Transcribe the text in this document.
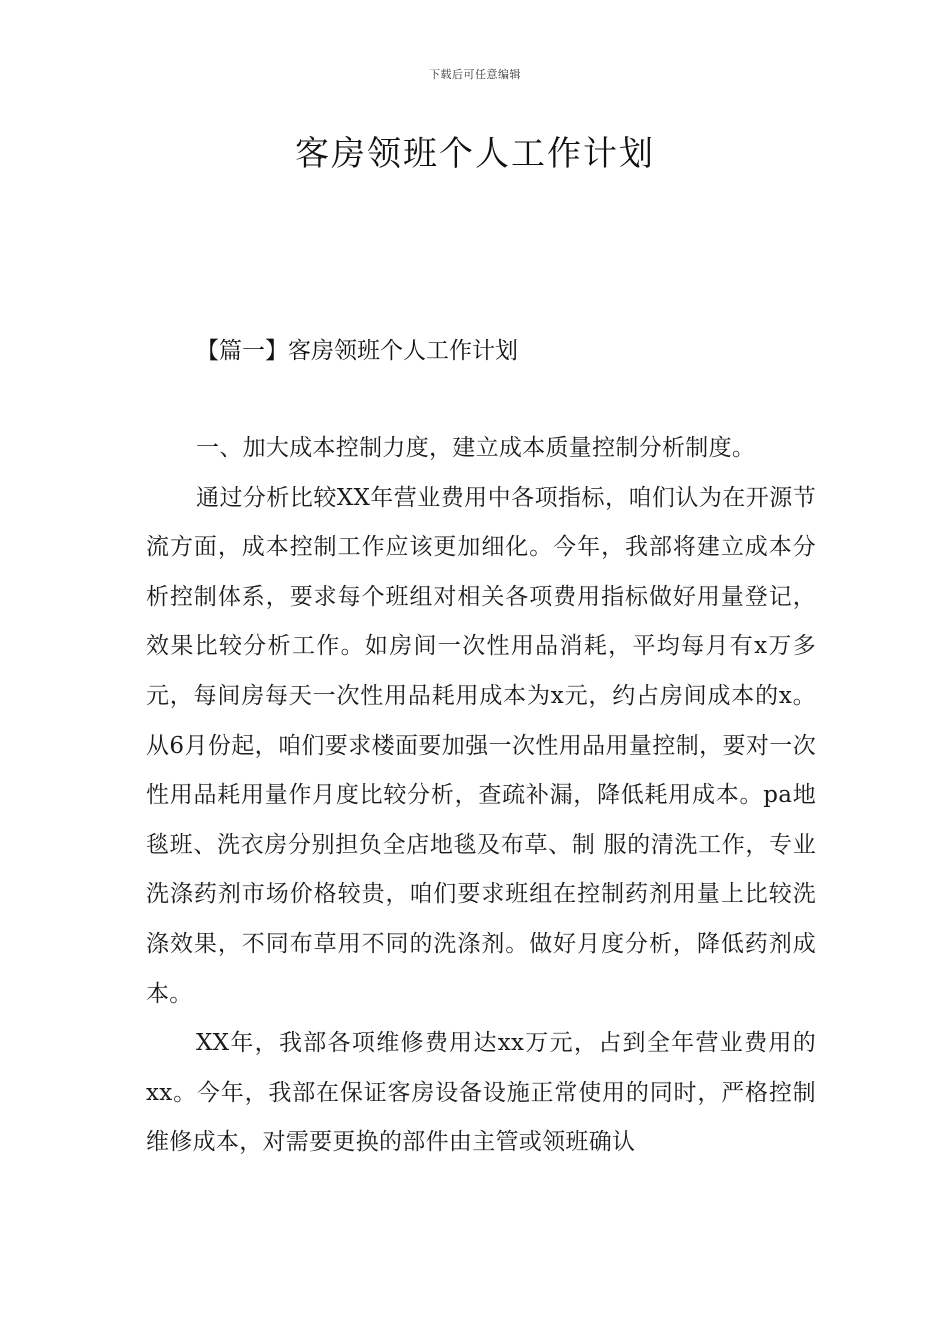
下载后可任意编辑
客房领班个人工作计划
【篇一】客房领班个人工作计划

一、加大成本控制力度，建立成本质量控制分析制度。

通过分析比较XX年营业费用中各项指标，咱们认为在开源节流方面，成本控制工作应该更加细化。今年，我部将建立成本分析控制体系，要求每个班组对相关各项费用指标做好用量登记，效果比较分析工作。如房间一次性用品消耗，平均每月有x万多元，每间房每天一次性用品耗用成本为x元，约占房间成本的x。从6月份起，咱们要求楼面要加强一次性用品用量控制，要对一次性用品耗用量作月度比较分析，查疏补漏，降低耗用成本。pa地毯班、洗衣房分别担负全店地毯及布草、制 服的清洗工作，专业洗涤药剂市场价格较贵，咱们要求班组在控制药剂用量上比较洗涤效果，不同布草用不同的洗涤剂。做好月度分析，降低药剂成本。

XX年，我部各项维修费用达xx万元，占到全年营业费用的xx。今年，我部在保证客房设备设施正常使用的同时，严格控制维修成本，对需要更换的部件由主管或领班确认
